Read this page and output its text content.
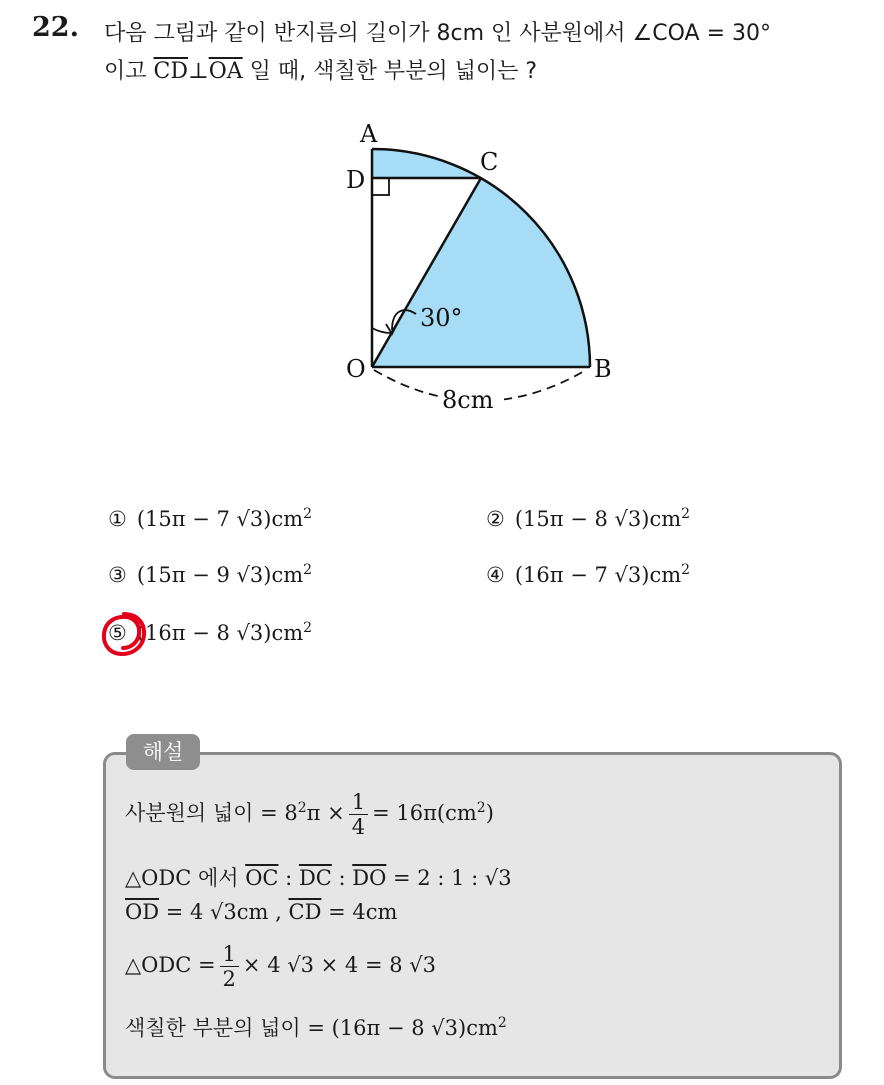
22. 다음 그림과 같이 반지름의 길이가 8cm 인 사분원에서 ∠COA = 30°
이고 $\overline{CD}\perp\overline{OA}$ 일 때, 색칠한 부분의 넓이는 ?
A
D
C
O	B
30°
8cm
① (15π − 7 $√3)cm^2$	② (15π − 8 $√3)cm^2$
③ (15π − 9 $√3)cm^2$	④ (16π − 7 $√3)cm^2$
⑤ (16π − 8 $√3)cm^2$
해설
사분원의 넓이 = $8^2\pi \times \frac{1}{4} = 16\pi(cm^2)$
△ODC 에서 $\overline{OC}$ : $\overline{DC}$ : $\overline{DO} = 2$ : 1 : √3
$\overline{OD} = 4$ √3cm , $\overline{CD} = 4cm$
△ODC = $\frac{1}{2} \times 4$ √3 × 4 = 8 √3
색칠한 부분의 넓이 = (16π − 8 $√3)cm^2$
